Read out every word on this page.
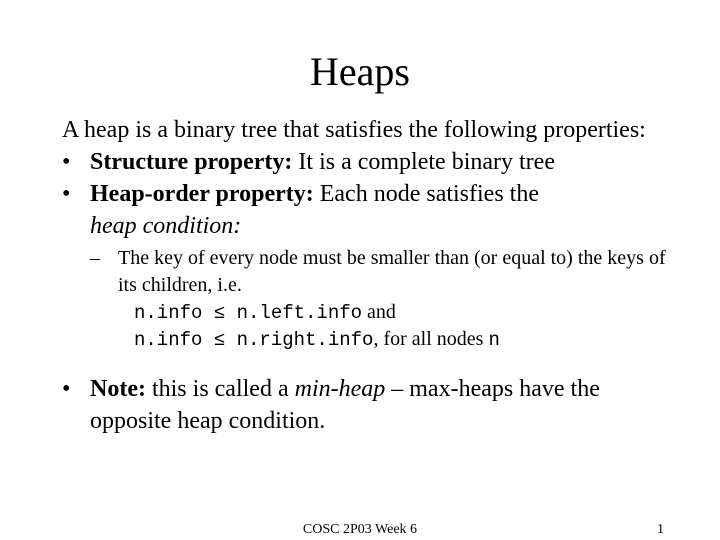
Heaps

A heap is a binary tree that satisfies the following properties:

• Structure property: It is a complete binary tree

• Heap-order property: Each node satisfies the
heap condition:

– The key of every node must be smaller than (or equal to) the keys of its children, i.e.

n.info ≤ n.left.info and

n.info ≤ n.right.info, for all nodes n

• Note: this is called a min-heap – max-heaps have the opposite heap condition.

COSC 2P03 Week 6	1
